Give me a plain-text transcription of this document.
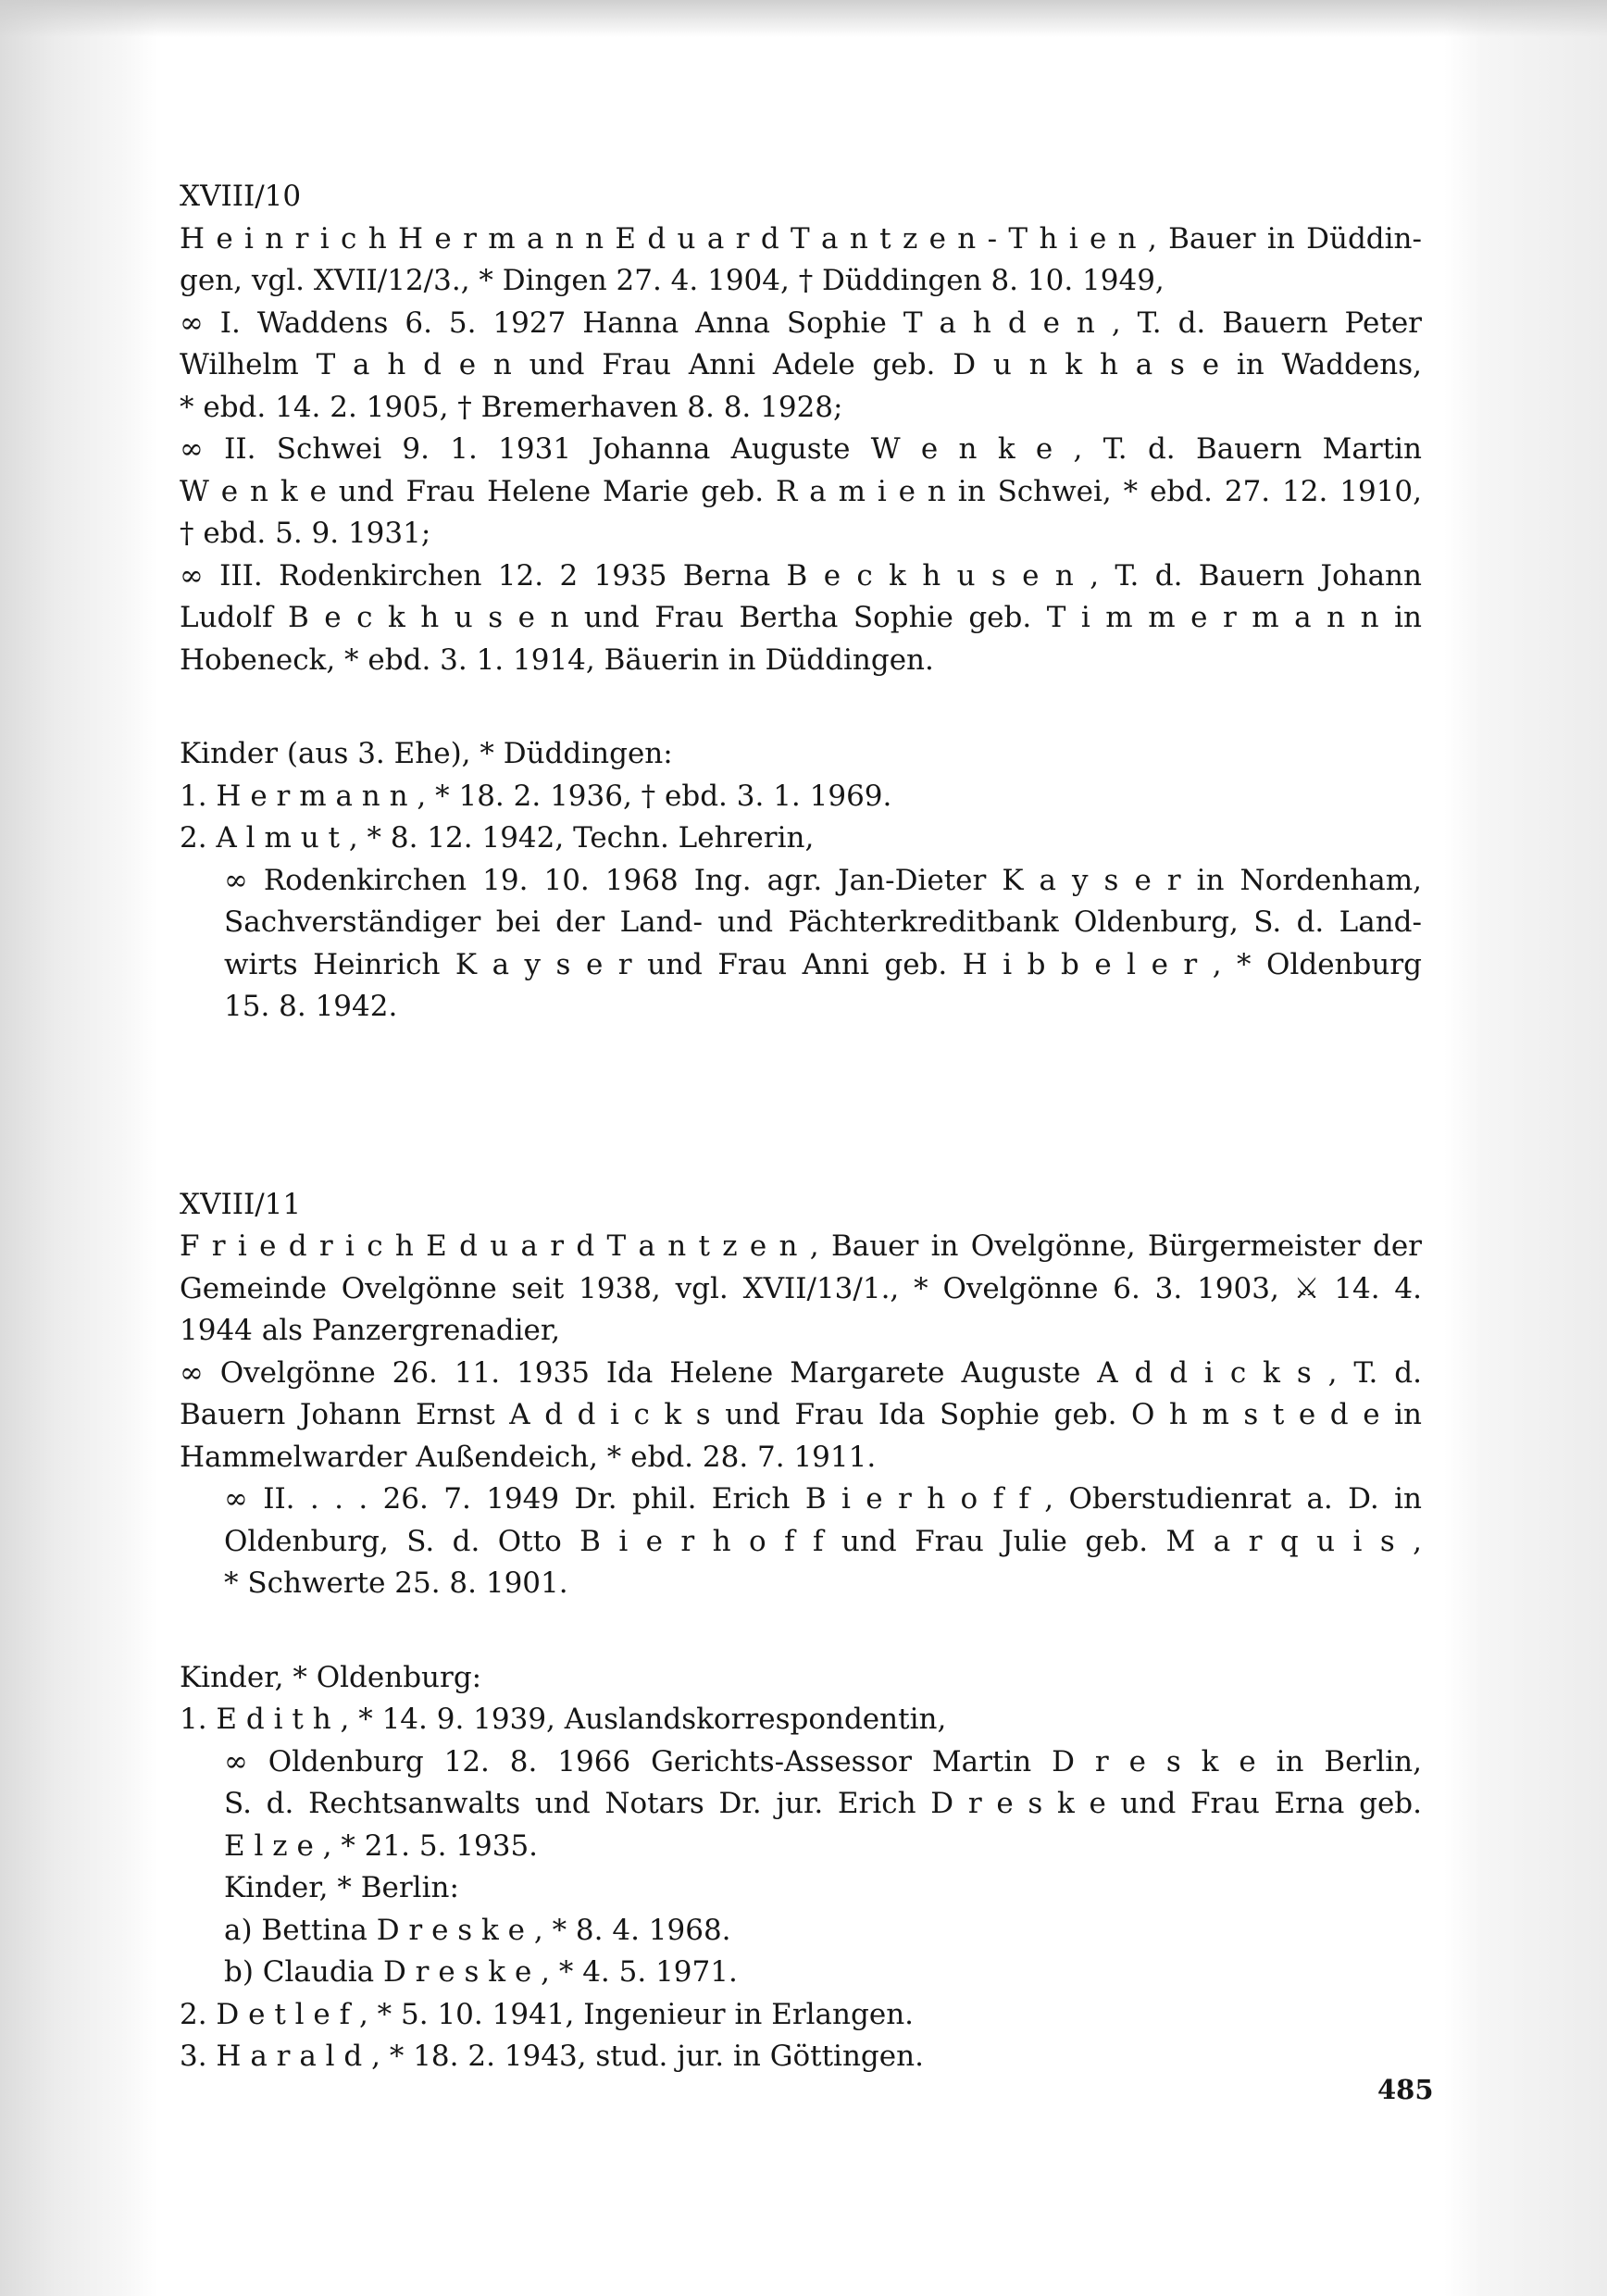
XVIII/10
H e i n r i c h H e r m a n n E d u a r d T a n t z e n - T h i e n , Bauer in Düddin-
gen, vgl. XVII/12/3., * Dingen 27. 4. 1904, † Düddingen 8. 10. 1949,
∞ I. Waddens 6. 5. 1927 Hanna Anna Sophie T a h d e n , T. d. Bauern Peter
Wilhelm T a h d e n und Frau Anni Adele geb. D u n k h a s e in Waddens,
* ebd. 14. 2. 1905, † Bremerhaven 8. 8. 1928;
∞ II. Schwei 9. 1. 1931 Johanna Auguste W e n k e , T. d. Bauern Martin
W e n k e und Frau Helene Marie geb. R a m i e n in Schwei, * ebd. 27. 12. 1910,
† ebd. 5. 9. 1931;
∞ III. Rodenkirchen 12. 2 1935 Berna B e c k h u s e n , T. d. Bauern Johann
Ludolf B e c k h u s e n und Frau Bertha Sophie geb. T i m m e r m a n n in
Hobeneck, * ebd. 3. 1. 1914, Bäuerin in Düddingen.
Kinder (aus 3. Ehe), * Düddingen:
1. H e r m a n n , * 18. 2. 1936, † ebd. 3. 1. 1969.
2. A l m u t , * 8. 12. 1942, Techn. Lehrerin,
∞ Rodenkirchen 19. 10. 1968 Ing. agr. Jan-Dieter K a y s e r in Nordenham,
Sachverständiger bei der Land- und Pächterkreditbank Oldenburg, S. d. Land-
wirts Heinrich K a y s e r und Frau Anni geb. H i b b e l e r , * Oldenburg
15. 8. 1942.
XVIII/11
F r i e d r i c h E d u a r d T a n t z e n , Bauer in Ovelgönne, Bürgermeister der
Gemeinde Ovelgönne seit 1938, vgl. XVII/13/1., * Ovelgönne 6. 3. 1903, ⚔ 14. 4.
1944 als Panzergrenadier,
∞ Ovelgönne 26. 11. 1935 Ida Helene Margarete Auguste A d d i c k s , T. d.
Bauern Johann Ernst A d d i c k s und Frau Ida Sophie geb. O h m s t e d e in
Hammelwarder Außendeich, * ebd. 28. 7. 1911.
∞ II. . . . 26. 7. 1949 Dr. phil. Erich B i e r h o f f , Oberstudienrat a. D. in
Oldenburg, S. d. Otto B i e r h o f f und Frau Julie geb. M a r q u i s ,
* Schwerte 25. 8. 1901.
Kinder, * Oldenburg:
1. E d i t h , * 14. 9. 1939, Auslandskorrespondentin,
∞ Oldenburg 12. 8. 1966 Gerichts-Assessor Martin D r e s k e in Berlin,
S. d. Rechtsanwalts und Notars Dr. jur. Erich D r e s k e und Frau Erna geb.
E l z e , * 21. 5. 1935.
Kinder, * Berlin:
a) Bettina D r e s k e , * 8. 4. 1968.
b) Claudia D r e s k e , * 4. 5. 1971.
2. D e t l e f , * 5. 10. 1941, Ingenieur in Erlangen.
3. H a r a l d , * 18. 2. 1943, stud. jur. in Göttingen.
485
